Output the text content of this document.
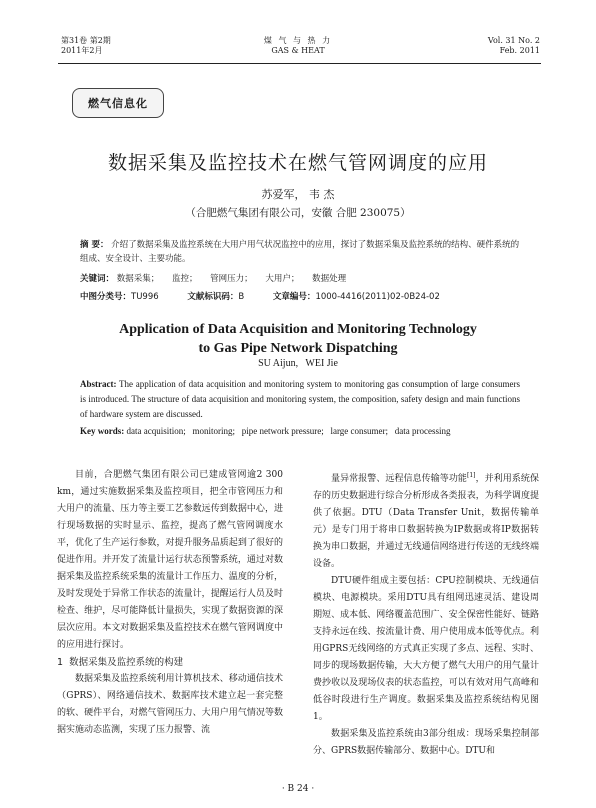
第31卷 第2期
2011年2月
煤 气 与 热 力
GAS & HEAT
Vol. 31 No. 2
Feb. 2011
燃气信息化
数据采集及监控技术在燃气管网调度的应用
苏爱军， 韦 杰
（合肥燃气集团有限公司，安徽 合肥 230075）
摘 要： 介绍了数据采集及监控系统在大用户用气状况监控中的应用，探讨了数据采集及监控系统的结构、硬件系统的组成、安全设计、主要功能。
关键词： 数据采集； 监控； 管网压力； 大用户； 数据处理
中图分类号：TU996	文献标识码：B	文章编号：1000-4416(2011)02-0B24-02
Application of Data Acquisition and Monitoring Technology
to Gas Pipe Network Dispatching
SU Aijun,   WEI Jie
Abstract: The application of data acquisition and monitoring system to monitoring gas consumption of large consumers is introduced. The structure of data acquisition and monitoring system, the composition, safety design and main functions of hardware system are discussed.
Key words: data acquisition;   monitoring;   pipe network pressure;   large consumer;   data processing

目前，合肥燃气集团有限公司已建成管网逾2 300 km，通过实施数据采集及监控项目，把全市管网压力和大用户的流量、压力等主要工艺参数远传到数据中心，进行现场数据的实时显示、监控，提高了燃气管网调度水平，优化了生产运行参数，对提升服务品质起到了很好的促进作用。并开发了流量计运行状态预警系统，通过对数据采集及监控系统采集的流量计工作压力、温度的分析，及时发现处于异常工作状态的流量计，提醒运行人员及时检查、维护，尽可能降低计量损失，实现了数据资源的深层次应用。本文对数据采集及监控技术在燃气管网调度中的应用进行探讨。

1  数据采集及监控系统的构建

数据采集及监控系统利用计算机技术、移动通信技术（GPRS）、网络通信技术、数据库技术建立起一套完整的软、硬件平台，对燃气管网压力、大用户用气情况等数据实施动态监测，实现了压力报警、流

量异常报警、远程信息传输等功能[1]，并利用系统保存的历史数据进行综合分析形成各类报表，为科学调度提供了依据。DTU（Data Transfer Unit，数据传输单元）是专门用于将串口数据转换为IP数据或将IP数据转换为串口数据，并通过无线通信网络进行传送的无线终端设备。

DTU硬件组成主要包括：CPU控制模块、无线通信模块、电源模块。采用DTU具有组网迅速灵活、建设周期短、成本低、网络覆盖范围广、安全保密性能好、链路支持永远在线、按流量计费、用户使用成本低等优点。利用GPRS无线网络的方式真正实现了多点、远程、实时、同步的现场数据传输，大大方便了燃气大用户的用气量计费抄收以及现场仪表的状态监控，可以有效对用气高峰和低谷时段进行生产调度。数据采集及监控系统结构见图1。

数据采集及监控系统由3部分组成：现场采集控制部分、GPRS数据传输部分、数据中心。DTU和

· B 24 ·
